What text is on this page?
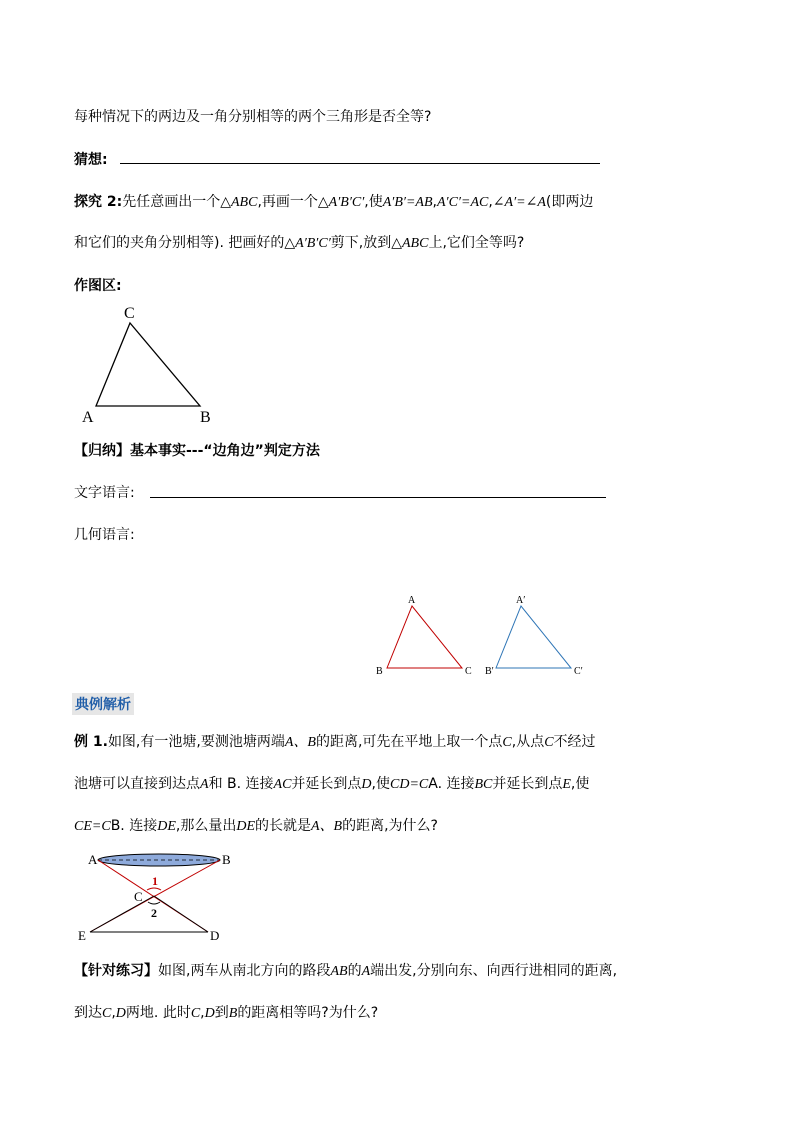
每种情况下的两边及一角分别相等的两个三角形是否全等?
猜想:
探究 2:先任意画出一个△ABC,再画一个△A′B′C′,使A′B′=AB,A′C′=AC,∠A′=∠A(即两边
和它们的夹角分别相等). 把画好的△A′B′C′剪下,放到△ABC上,它们全等吗?
作图区:
C
A	B
【归纳】基本事实---“边角边”判定方法
文字语言:
几何语言:
A
B	C
A′
B′	C′
典例解析
例 1.如图,有一池塘,要测池塘两端A、B的距离,可先在平地上取一个点C,从点C不经过
池塘可以直接到达点A和 B. 连接AC并延长到点D,使CD=CA. 连接BC并延长到点E,使
CE=CB. 连接DE,那么量出DE的长就是A、B的距离,为什么?
1
2
A	B
C
E	D
【针对练习】如图,两车从南北方向的路段AB的A端出发,分别向东、向西行进相同的距离,
到达C,D两地. 此时C,D到B的距离相等吗?为什么?
